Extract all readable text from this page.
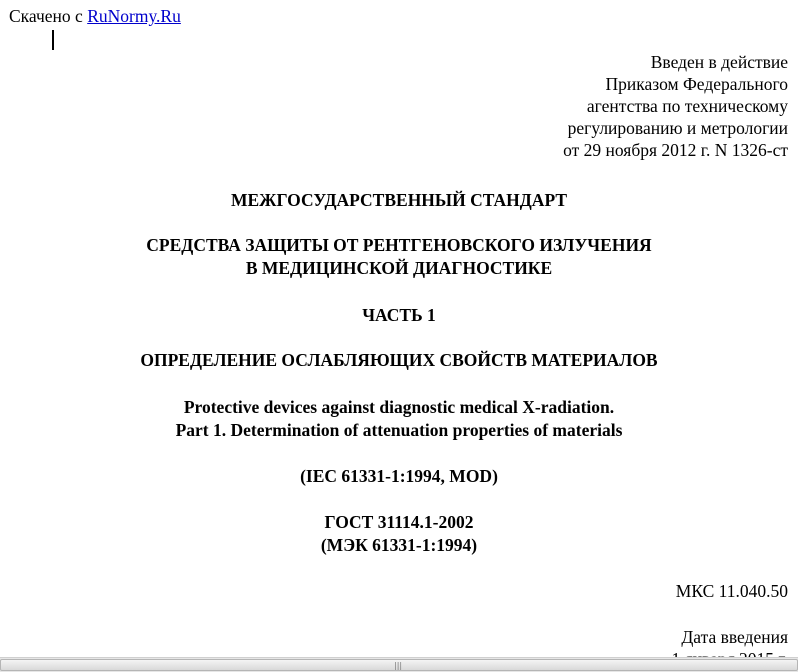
Скачено с RuNormy.Ru
Введен в действие
Приказом Федерального
агентства по техническому
регулированию и метрологии
от 29 ноября 2012 г. N 1326-ст
МЕЖГОСУДАРСТВЕННЫЙ СТАНДАРТ
СРЕДСТВА ЗАЩИТЫ ОТ РЕНТГЕНОВСКОГО ИЗЛУЧЕНИЯ
В МЕДИЦИНСКОЙ ДИАГНОСТИКЕ
ЧАСТЬ 1
ОПРЕДЕЛЕНИЕ ОСЛАБЛЯЮЩИХ СВОЙСТВ МАТЕРИАЛОВ
Protective devices against diagnostic medical X-radiation.
Part 1. Determination of attenuation properties of materials
(IEC 61331-1:1994, MOD)
ГОСТ 31114.1-2002
(МЭК 61331-1:1994)
МКС 11.040.50
Дата введения
|||
